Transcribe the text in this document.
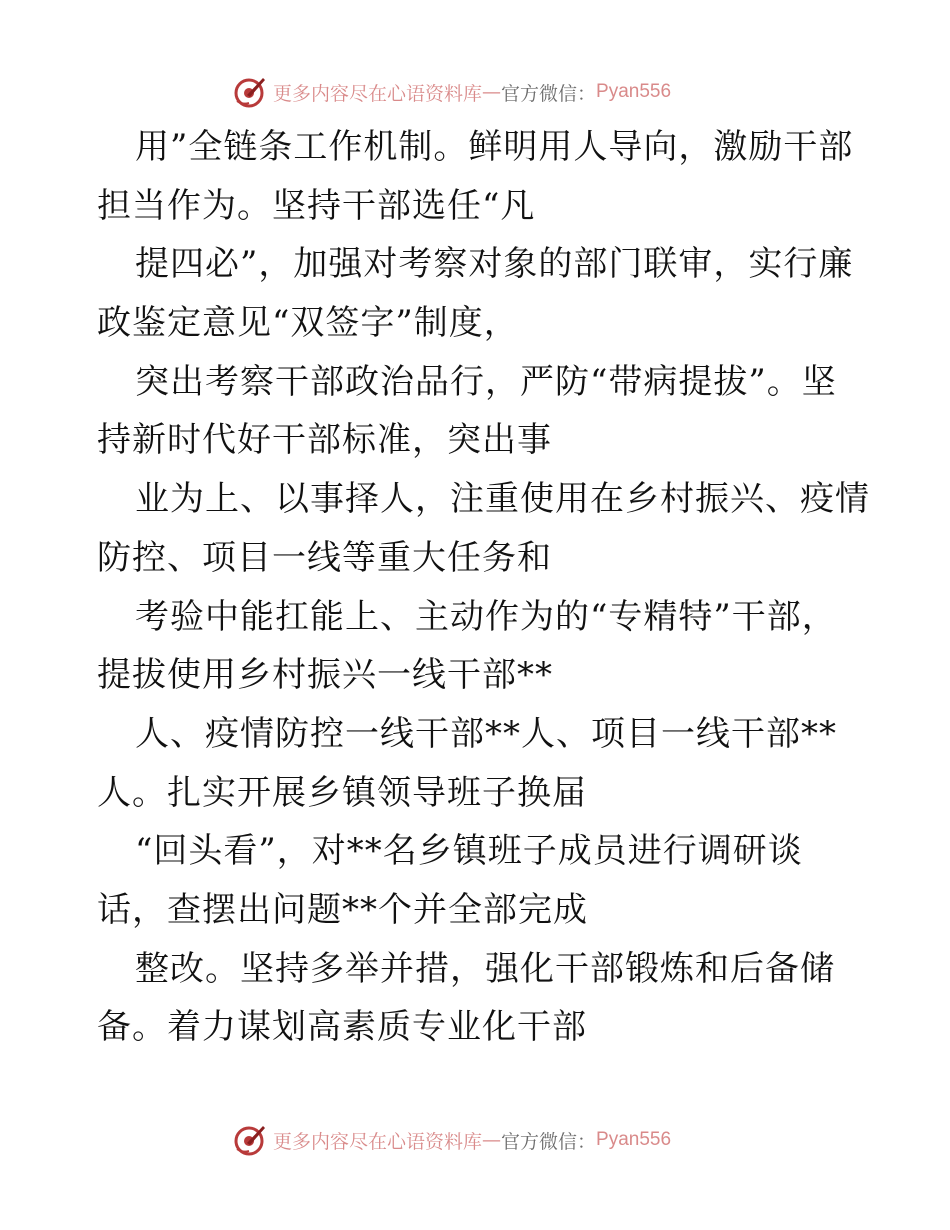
更多内容尽在心语资料库 — 官方微信： Pyan556
用”全链条工作机制。鲜明用人导向，激励干部
担当作为。坚持干部选任“凡
提四必”，加强对考察对象的部门联审，实行廉
政鉴定意见“双签字”制度，
突出考察干部政治品行，严防“带病提拔”。坚
持新时代好干部标准，突出事
业为上、以事择人，注重使用在乡村振兴、疫情
防控、项目一线等重大任务和
考验中能扛能上、主动作为的“专精特”干部，
提拔使用乡村振兴一线干部**
人、疫情防控一线干部**人、项目一线干部**
人。扎实开展乡镇领导班子换届
“回头看”，对**名乡镇班子成员进行调研谈
话，查摆出问题**个并全部完成
整改。坚持多举并措，强化干部锻炼和后备储
备。着力谋划高素质专业化干部
更多内容尽在心语资料库 — 官方微信： Pyan556
